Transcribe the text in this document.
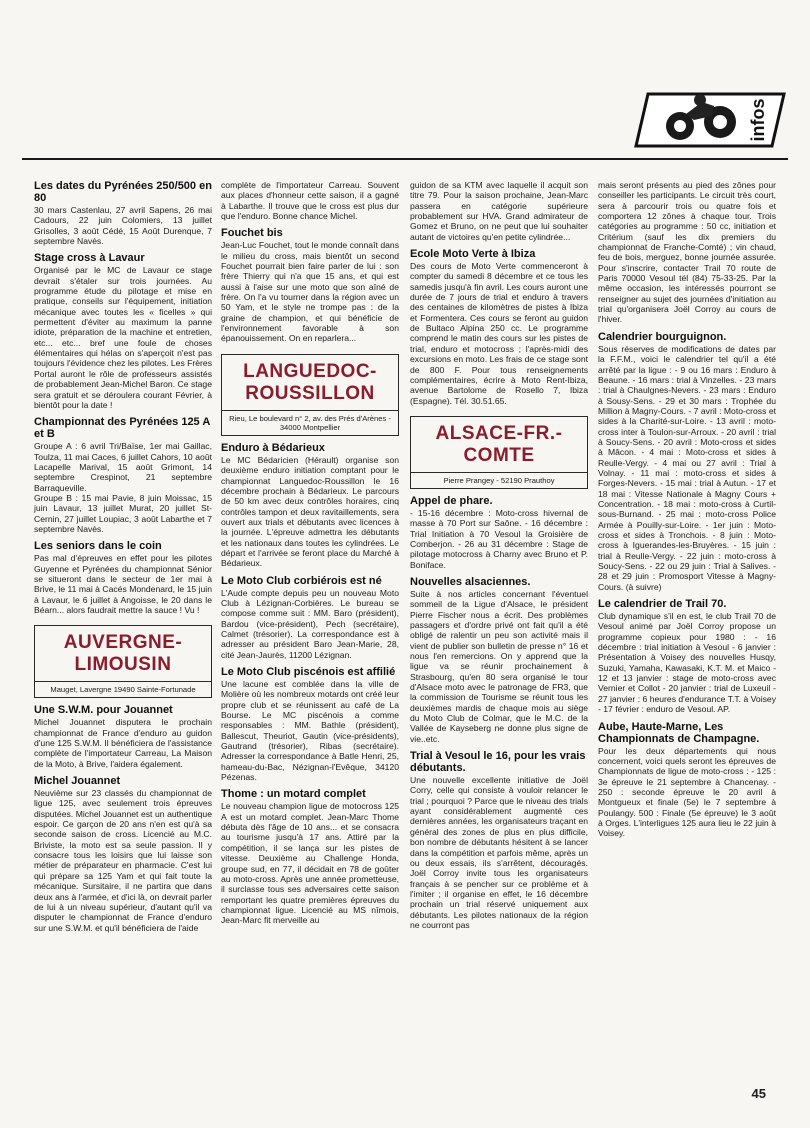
infos
Les dates du Pyrénées 250/500 en 80

30 mars Castenlau, 27 avril Sapens, 26 mai Cadours, 22 juin Colomiers, 13 juillet Grisolles, 3 août Cédé, 15 Août Durenque, 7 septembre Navès.

Stage cross à Lavaur

Organisé par le MC de Lavaur ce stage devrait s'étaler sur trois journées. Au programme étude du pilotage et mise en pratique, conseils sur l'équipement, initiation mécanique avec toutes les « ficelles » qui permettent d'éviter au maximum la panne idiote, préparation de la machine et entretien, etc... etc... bref une foule de choses élémentaires qui hélas on s'aperçoit n'est pas toujours l'évidence chez les pilotes. Les Frères Portal auront le rôle de professeurs assistés de probablement Jean-Michel Baron. Ce stage sera gratuit et se déroulera courant Février, à bientôt pour la date !

Championnat des Pyrénées 125 A et B

Groupe A : 6 avril Tri/Baïse, 1er mai Gaillac, Toulza, 11 mai Caces, 6 juillet Cahors, 10 août Lacapelle Marival, 15 août Grimont, 14 septembre Crespinot, 21 septembre Barraqueville.

Groupe B : 15 mai Pavie, 8 juin Moissac, 15 juin Lavaur, 13 juillet Murat, 20 juillet St-Cernin, 27 juillet Loupiac, 3 août Labarthe et 7 septembre Navès.

Les seniors dans le coin

Pas mal d'épreuves en effet pour les pilotes Guyenne et Pyrénées du championnat Sénior se situeront dans le secteur de 1er mai à Brive, le 11 mai à Cacés Mondenard, le 15 juin à Lavaur, le 6 juillet à Angoisse, le 20 dans le Béarn... alors faudrait mettre la sauce ! Vu !

AUVERGNE-LIMOUSIN
Mauget, Lavergne 19490 Sainte-Fortunade
Une S.W.M. pour Jouannet

Michel Jouannet disputera le prochain championnat de France d'enduro au guidon d'une 125 S.W.M. Il bénéficiera de l'assistance complète de l'importateur Carreau, La Maison de la Moto, à Brive, l'aidera également.

Michel Jouannet

Neuvième sur 23 classés du championnat de ligue 125, avec seulement trois épreuves disputées. Michel Jouannet est un authentique espoir. Ce garçon de 20 ans n'en est qu'à sa seconde saison de cross. Licencié au M.C. Briviste, la moto est sa seule passion. Il y consacre tous les loisirs que lui laisse son métier de préparateur en pharmacie. C'est lui qui prépare sa 125 Yam et qui fait toute la mécanique. Sursitaire, il ne partira que dans deux ans à l'armée, et d'ici là, on devrait parler de lui à un niveau supérieur, d'autant qu'il va disputer le championnat de France d'enduro sur une S.W.M. et qu'il bénéficiera de l'aide

complète de l'importateur Carreau. Souvent aux places d'honneur cette saison, il a gagné à Labarthe. Il trouve que le cross est plus dur que l'enduro. Bonne chance Michel.

Fouchet bis

Jean-Luc Fouchet, tout le monde connaît dans le milieu du cross, mais bientôt un second Fouchet pourrait bien faire parler de lui : son frère Thierry qui n'a que 15 ans, et qui est aussi à l'aise sur une moto que son aîné de frère. On l'a vu tourner dans la région avec un 50 Yam, et le style ne trompe pas : de la graine de champion, et qui bénéficie de l'environnement favorable à son épanouissement. On en reparlera...

LANGUEDOC-ROUSSILLON
Rieu, Le boulevard n° 2, av. des Prés d'Arènes - 34000 Montpellier
Enduro à Bédarieux

Le MC Bédaricien (Hérault) organise son deuxième enduro initiation comptant pour le championnat Languedoc-Roussillon le 16 décembre prochain à Bédarieux. Le parcours de 50 km avec deux contrôles horaires, cinq contrôles tampon et deux ravitaillements, sera ouvert aux trials et débutants avec licences à la journée. L'épreuve admettra les débutants et les nationaux dans toutes les cylindrées. Le départ et l'arrivée se feront place du Marché à Bédarieux.

Le Moto Club corbiérois est né

L'Aude compte depuis peu un nouveau Moto Club à Lézignan-Corbières. Le bureau se compose comme suit : MM. Baro (président), Bardou (vice-président), Pech (secrétaire), Calmet (trésorier). La correspondance est à adresser au président Baro Jean-Marie, 28, cité Jean-Jaurès, 11200 Lézignan.

Le Moto Club piscénois est affilié

Une lacune est comblée dans la ville de Molière où les nombreux motards ont créé leur propre club et se réunissent au café de La Bourse. Le MC piscénois a comme responsables : MM. Bathle (président), Ballescut, Theuriot, Gautin (vice-présidents), Gautrand (trésorier), Ribas (secrétaire). Adresser la correspondance à Batle Henri, 25, hameau-du-Bac, Nézignan-l'Evêque, 34120 Pézenas.

Thome : un motard complet

Le nouveau champion ligue de motocross 125 A est un motard complet. Jean-Marc Thome débuta dès l'âge de 10 ans... et se consacra au tourisme jusqu'à 17 ans. Attiré par la compétition, il se lança sur les pistes de vitesse. Deuxième au Challenge Honda, groupe sud, en 77, il décidait en 78 de goûter au moto-cross. Après une année prometteuse, il surclasse tous ses adversaires cette saison remportant les quatre premières épreuves du championnat ligue. Licencié au MS nîmois, Jean-Marc fit merveille au

guidon de sa KTM avec laquelle il acquit son titre 79. Pour la saison prochaine, Jean-Marc passera en catégorie supérieure probablement sur HVA. Grand admirateur de Gomez et Bruno, on ne peut que lui souhaiter autant de victoires qu'en petite cylindrée...

Ecole Moto Verte à Ibiza

Des cours de Moto Verte commenceront à compter du samedi 8 décembre et ce tous les samedis jusqu'à fin avril. Les cours auront une durée de 7 jours de trial et enduro à travers des centaines de kilomètres de pistes à Ibiza et Formentera. Ces cours se feront au guidon de Bultaco Alpina 250 cc. Le programme comprend le matin des cours sur les pistes de trial, enduro et motocross ; l'après-midi des excursions en moto. Les frais de ce stage sont de 800 F. Pour tous renseignements complémentaires, écrire à Moto Rent-Ibiza, avenue Bartolome de Rosello 7, Ibiza (Espagne). Tél. 30.51.65.

ALSACE-FR.-COMTE
Pierre Prangey - 52190 Prauthoy
Appel de phare.

- 15-16 décembre : Moto-cross hivernal de masse à 70 Port sur Saône. - 16 décembre : Trial Initiation à 70 Vesoul la Groisière de Comberjon. - 26 au 31 décembre : Stage de pilotage motocross à Charny avec Bruno et P. Boniface.

Nouvelles alsaciennes.

Suite à nos articles concernant l'éventuel sommeil de la Ligue d'Alsace, le président Pierre Fischer nous a écrit. Des problèmes passagers et d'ordre privé ont fait qu'il a été obligé de ralentir un peu son activité mais il vient de publier son bulletin de presse n° 16 et nous l'en remercions. On y apprend que la ligue va se réunir prochainement à Strasbourg, qu'en 80 sera organisé le tour d'Alsace moto avec le patronage de FR3, que la commission de Tourisme se réunit tous les deuxièmes mardis de chaque mois au siège du Moto Club de Colmar, que le M.C. de la Vallée de Kayseberg ne donne plus signe de vie..etc.

Trial à Vesoul le 16, pour les vrais débutants.

Une nouvelle excellente initiative de Joël Corry, celle qui consiste à vouloir relancer le trial ; pourquoi ? Parce que le niveau des trials ayant considérablement augmenté ces dernières années, les organisateurs traçant en général des zones de plus en plus difficile, bon nombre de débutants hésitent à se lancer dans la compétition et parfois même, après un ou deux essais, ils s'arrêtent, découragés. Joël Corroy invite tous les organisateurs français à se pencher sur ce problème et à l'imiter ; il organise en effet, le 16 décembre prochain un trial réservé uniquement aux débutants. Les pilotes nationaux de la région ne courront pas

mais seront présents au pied des zônes pour conseiller les participants. Le circuit très court, sera à parcourir trois ou quatre fois et comportera 12 zônes à chaque tour. Trois catégories au programme : 50 cc, initiation et Critérium (sauf les dix premiers du championnat de Franche-Comté) ; vin chaud, feu de bois, merguez, bonne journée assurée. Pour s'inscrire, contacter Trail 70 route de Paris 70000 Vesoul tél (84) 75-33-25. Par la même occasion, les intéressés pourront se renseigner au sujet des journées d'initiation au trial qu'organisera Joël Corroy au cours de l'hiver.

Calendrier bourguignon.

Sous réserves de modifications de dates par la F.F.M., voici le calendrier tel qu'il a été arrêté par la ligue : - 9 ou 16 mars : Enduro à Beaune. - 16 mars : trial à Vinzelles. - 23 mars : trial à Chaulgnes-Nevers. - 23 mars : Enduro à Sousy-Sens. - 29 et 30 mars : Trophée du Million à Magny-Cours. - 7 avril : Moto-cross et sides à la Charité-sur-Loire. - 13 avril : moto-cross inter à Toulon-sur-Arroux. - 20 avril : trial à Soucy-Sens. - 20 avril : Moto-cross et sides à Mâcon. - 4 mai : Moto-cross et sides à Reulle-Vergy. - 4 mai ou 27 avril : Trial à Volnay. - 11 mai : moto-cross et sides à Forges-Nevers. - 15 mai : trial à Autun. - 17 et 18 mai : Vitesse Nationale à Magny Cours + Concentration. - 18 mai : moto-cross à Curtil-sous-Burnand. - 25 mai : moto-cross Police Armée à Pouilly-sur-Loire. - 1er juin : Moto-cross et sides à Tronchois. - 8 juin : Moto-cross à Iguerandes-les-Bruyères. - 15 juin : trial à Reulle-Vergy. - 22 juin : moto-cross à Soucy-Sens. - 22 ou 29 juin : Trial à Salives. - 28 et 29 juin : Promosport Vitesse à Magny-Cours. (à suivre)

Le calendrier de Trail 70.

Club dynamique s'il en est, le club Trail 70 de Vesoul animé par Joël Corroy propose un programme copieux pour 1980 : - 16 décembre : trial initiation à Vesoul - 6 janvier : Présentation à Voisey des nouvelles Husqy, Suzuki, Yamaha, Kawasaki, K.T. M. et Maico - 12 et 13 janvier : stage de moto-cross avec Vernier et Collot - 20 janvier : trial de Luxeuil - 27 janvier : 6 heures d'endurance T.T. à Voisey - 17 février : enduro de Vesoul. AP.

Aube, Haute-Marne, Les Championnats de Champagne.

Pour les deux départements qui nous concernent, voici quels seront les épreuves de Championnats de ligue de moto-cross : - 125 : 3e épreuve le 21 septembre à Chancenay. - 250 : seconde épreuve le 20 avril à Montgueux et finale (5e) le 7 septembre à Poulangy. 500 : Finale (5e épreuve) le 3 août à Orges. L'interligues 125 aura lieu le 22 juin à Voisey.

45
